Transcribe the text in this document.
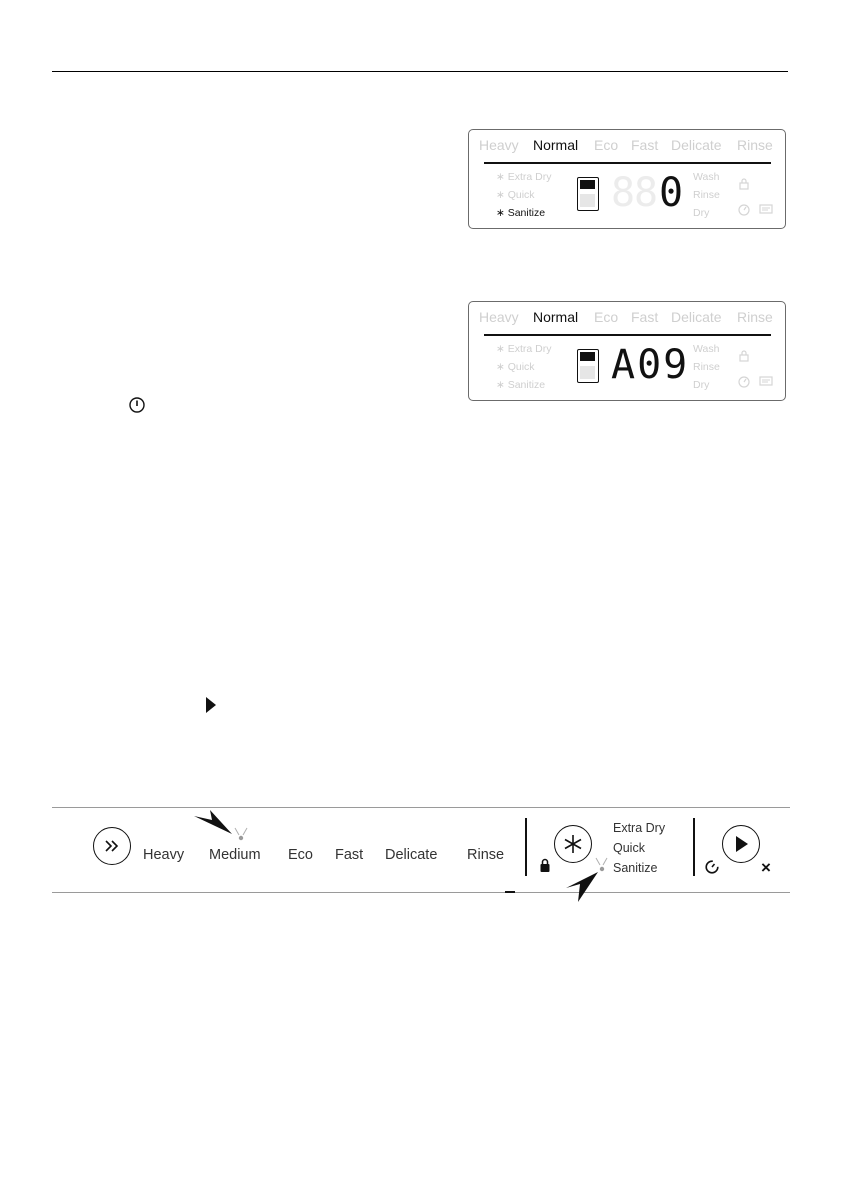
Heavy Normal Eco Fast Delicate Rinse
∗ Extra Dry
∗ Quick
∗ Sanitize 8
8 0 Wash
Rinse
Dry
Heavy Normal Eco Fast Delicate Rinse
∗ Extra Dry
∗ Quick
∗ Sanitize A09 Wash
Rinse
Dry
Heavy Medium Eco Fast Delicate Rinse
Extra Dry
Quick
Sanitize	×
